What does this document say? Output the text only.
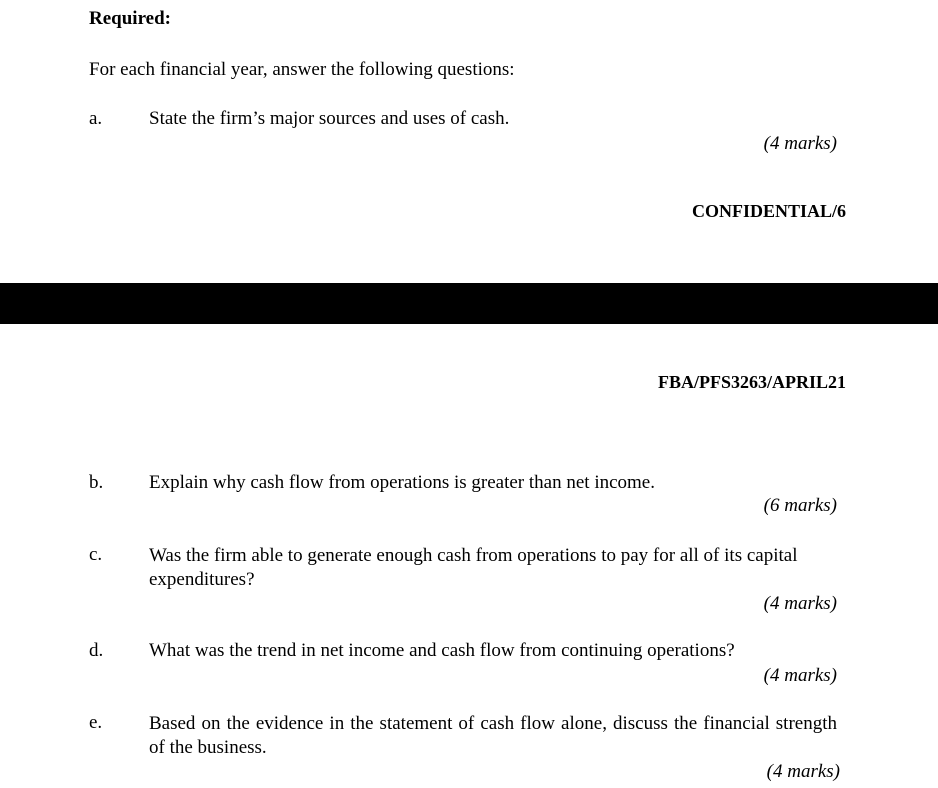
Required:
For each financial year, answer the following questions:
a. State the firm’s major sources and uses of cash.
(4 marks)
CONFIDENTIAL/6
FBA/PFS3263/APRIL21
b. Explain why cash flow from operations is greater than net income.
(6 marks)
c. Was the firm able to generate enough cash from operations to pay for all of its capital expenditures?
(4 marks)
d. What was the trend in net income and cash flow from continuing operations?
(4 marks)
e. Based on the evidence in the statement of cash flow alone, discuss the financial strength of the business.
(4 marks)
